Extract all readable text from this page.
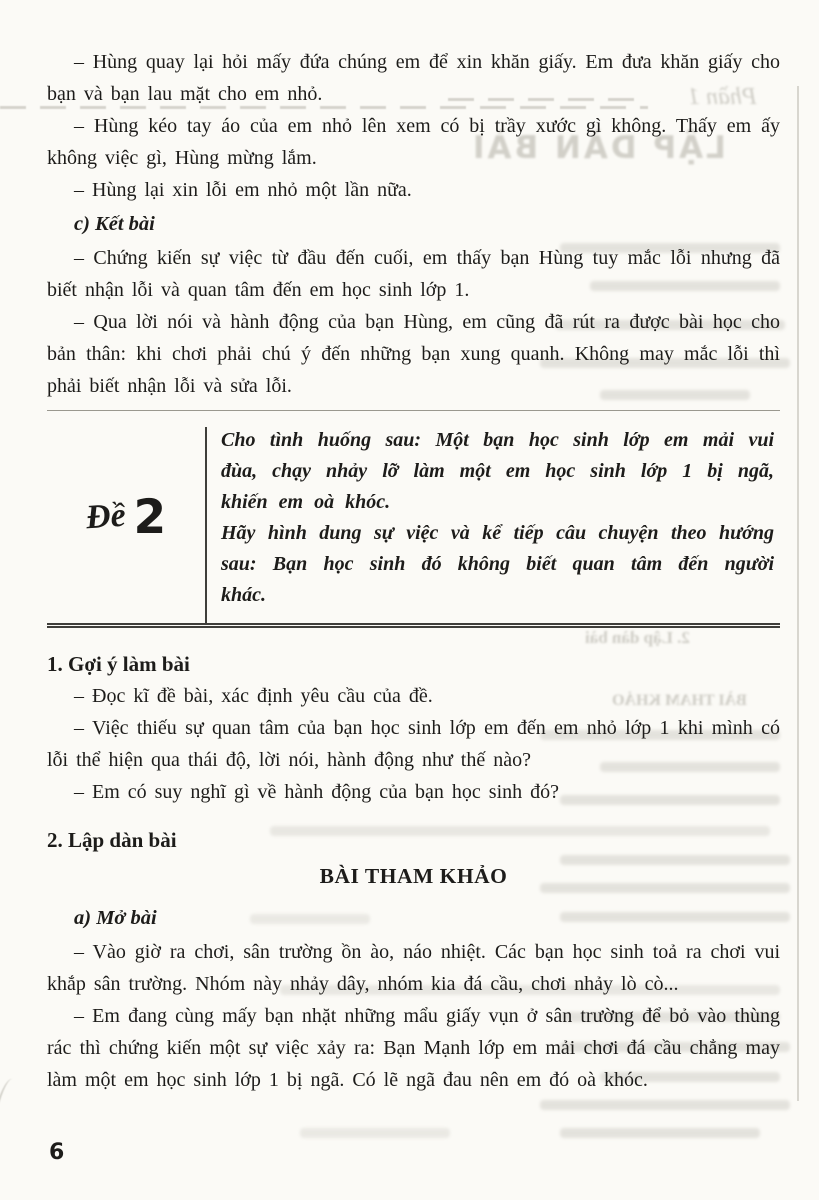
Phần 1
LẬP DÀN BÀI
2. Lập dàn bài
BÀI THAM KHẢO

– Hùng quay lại hỏi mấy đứa chúng em để xin khăn giấy. Em đưa khăn giấy cho bạn và bạn lau mặt cho em nhỏ.

– Hùng kéo tay áo của em nhỏ lên xem có bị trầy xước gì không. Thấy em ấy không việc gì, Hùng mừng lắm.

– Hùng lại xin lỗi em nhỏ một lần nữa.

c) Kết bài

– Chứng kiến sự việc từ đầu đến cuối, em thấy bạn Hùng tuy mắc lỗi nhưng đã biết nhận lỗi và quan tâm đến em học sinh lớp 1.

– Qua lời nói và hành động của bạn Hùng, em cũng đã rút ra được bài học cho bản thân: khi chơi phải chú ý đến những bạn xung quanh. Không may mắc lỗi thì phải biết nhận lỗi và sửa lỗi.

Đề 2

Cho tình huống sau: Một bạn học sinh lớp em mải vui đùa, chạy nhảy lỡ làm một em học sinh lớp 1 bị ngã, khiến em oà khóc.

Hãy hình dung sự việc và kể tiếp câu chuyện theo hướng sau: Bạn học sinh đó không biết quan tâm đến người khác.

1. Gợi ý làm bài

– Đọc kĩ đề bài, xác định yêu cầu của đề.

– Việc thiếu sự quan tâm của bạn học sinh lớp em đến em nhỏ lớp 1 khi mình có lỗi thể hiện qua thái độ, lời nói, hành động như thế nào?

– Em có suy nghĩ gì về hành động của bạn học sinh đó?

2. Lập dàn bài

BÀI THAM KHẢO

a) Mở bài

– Vào giờ ra chơi, sân trường ồn ào, náo nhiệt. Các bạn học sinh toả ra chơi vui khắp sân trường. Nhóm này nhảy dây, nhóm kia đá cầu, chơi nhảy lò cò...

– Em đang cùng mấy bạn nhặt những mẩu giấy vụn ở sân trường để bỏ vào thùng rác thì chứng kiến một sự việc xảy ra: Bạn Mạnh lớp em mải chơi đá cầu chẳng may làm một em học sinh lớp 1 bị ngã. Có lẽ ngã đau nên em đó oà khóc.

6
